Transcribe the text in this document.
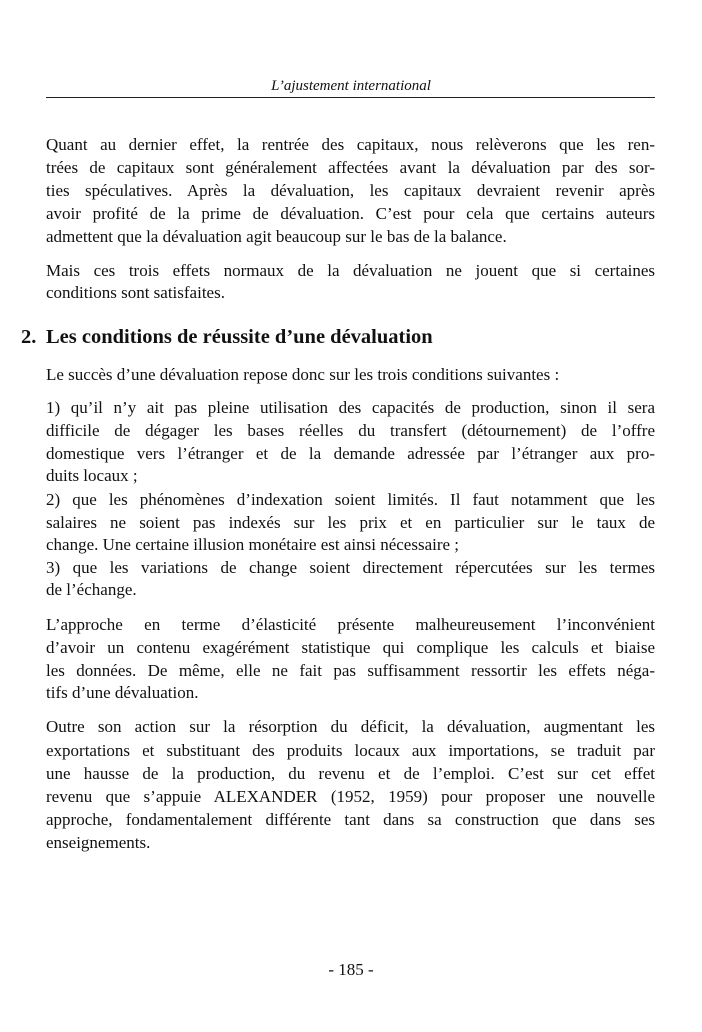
L’ajustement international
2. Les conditions de réussite d’une dévaluation
Quant au dernier effet, la rentrée des capitaux, nous relèverons que les ren-
trées de capitaux sont généralement affectées avant la dévaluation par des sor-
ties spéculatives. Après la dévaluation, les capitaux devraient revenir après
avoir profité de la prime de dévaluation. C’est pour cela que certains auteurs
admettent que la dévaluation agit beaucoup sur le bas de la balance.
Mais ces trois effets normaux de la dévaluation ne jouent que si certaines
conditions sont satisfaites.
Le succès d’une dévaluation repose donc sur les trois conditions suivantes :
1) qu’il n’y ait pas pleine utilisation des capacités de production, sinon il sera
difficile de dégager les bases réelles du transfert (détournement) de l’offre
domestique vers l’étranger et de la demande adressée par l’étranger aux pro-
duits locaux ;
2) que les phénomènes d’indexation soient limités. Il faut notamment que les
salaires ne soient pas indexés sur les prix et en particulier sur le taux de
change. Une certaine illusion monétaire est ainsi nécessaire ;
3) que les variations de change soient directement répercutées sur les termes
de l’échange.
L’approche en terme d’élasticité présente malheureusement l’inconvénient
d’avoir un contenu exagérément statistique qui complique les calculs et biaise
les données. De même, elle ne fait pas suffisamment ressortir les effets néga-
tifs d’une dévaluation.
Outre son action sur la résorption du déficit, la dévaluation, augmentant les
exportations et substituant des produits locaux aux importations, se traduit par
une hausse de la production, du revenu et de l’emploi. C’est sur cet effet
revenu que s’appuie ALEXANDER (1952, 1959) pour proposer une nouvelle
approche, fondamentalement différente tant dans sa construction que dans ses
enseignements.
- 185 -
